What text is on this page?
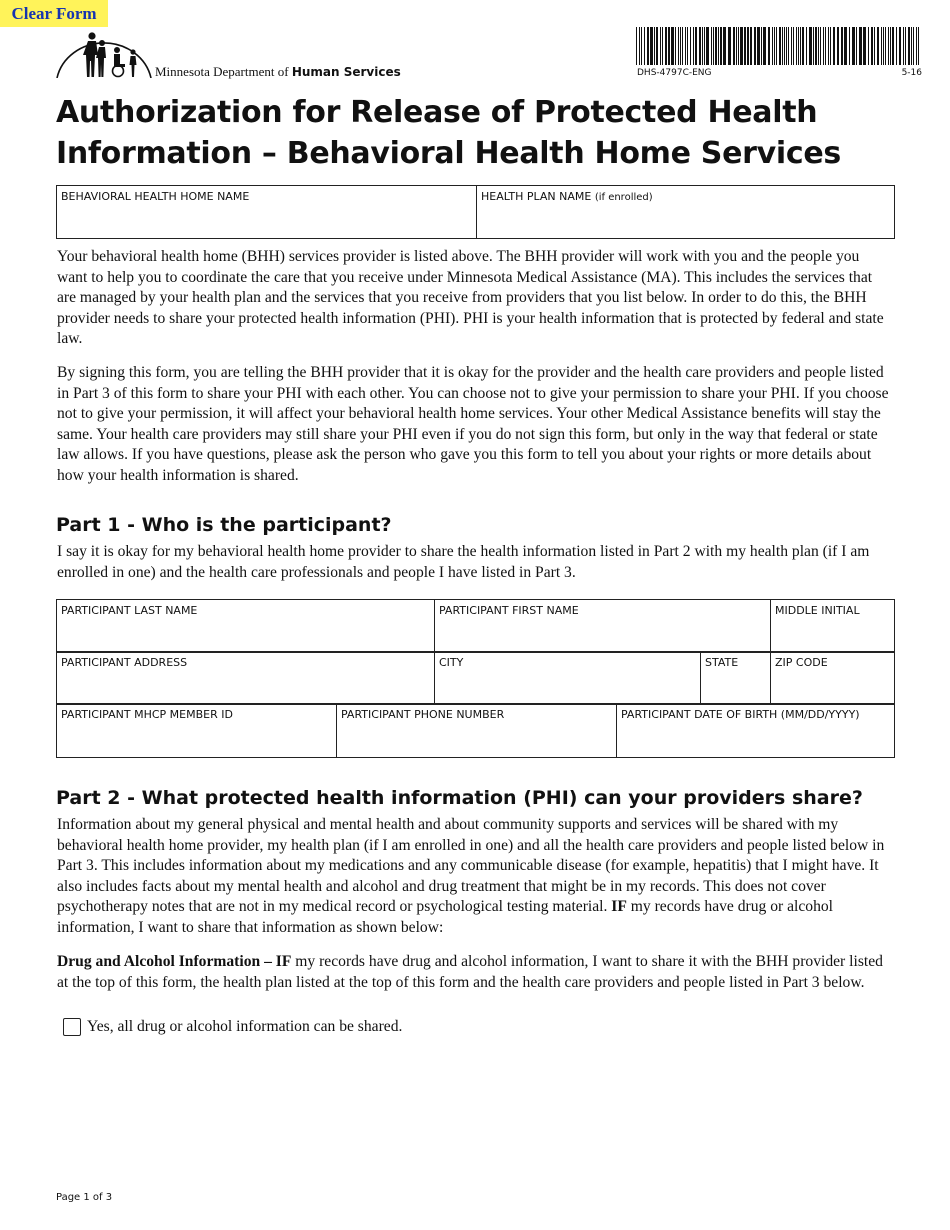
Clear Form
Minnesota Department of Human Services	DHS-4797C-ENG	5-16
Authorization for Release of Protected Health
Information – Behavioral Health Home Services
BEHAVIORAL HEALTH HOME NAME	HEALTH PLAN NAME (if enrolled)

Your behavioral health home (BHH) services provider is listed above. The BHH provider will work with you and the people you want to help you to coordinate the care that you receive under Minnesota Medical Assistance (MA). This includes the services that are managed by your health plan and the services that you receive from providers that you list below. In order to do this, the BHH provider needs to share your protected health information (PHI). PHI is your health information that is protected by federal and state law.

By signing this form, you are telling the BHH provider that it is okay for the provider and the health care providers and people listed in Part 3 of this form to share your PHI with each other. You can choose not to give your permission to share your PHI. If you choose not to give your permission, it will affect your behavioral health home services. Your other Medical Assistance benefits will stay the same. Your health care providers may still share your PHI even if you do not sign this form, but only in the way that federal or state law allows. If you have questions, please ask the person who gave you this form to tell you about your rights or more details about how your health information is shared.

Part 1 - Who is the participant?

I say it is okay for my behavioral health home provider to share the health information listed in Part 2 with my health plan (if I am enrolled in one) and the health care professionals and people I have listed in Part 3.

PARTICIPANT LAST NAME	PARTICIPANT FIRST NAME	MIDDLE INITIAL
PARTICIPANT ADDRESS	CITY	STATE	ZIP CODE
PARTICIPANT MHCP MEMBER ID	PARTICIPANT PHONE NUMBER	PARTICIPANT DATE OF BIRTH (MM/DD/YYYY)
Part 2 - What protected health information (PHI) can your providers share?

Information about my general physical and mental health and about community supports and services will be shared with my behavioral health home provider, my health plan (if I am enrolled in one) and all the health care providers and people listed below in Part 3. This includes information about my medications and any communicable disease (for example, hepatitis) that I might have. It also includes facts about my mental health and alcohol and drug treatment that might be in my records. This does not cover psychotherapy notes that are not in my medical record or psychological testing material. IF my records have drug or alcohol information, I want to share that information as shown below:

Drug and Alcohol Information – IF my records have drug and alcohol information, I want to share it with the BHH provider listed at the top of this form, the health plan listed at the top of this form and the health care providers and people listed in Part 3 below.

Yes, all drug or alcohol information can be shared.
Page 1 of 3
